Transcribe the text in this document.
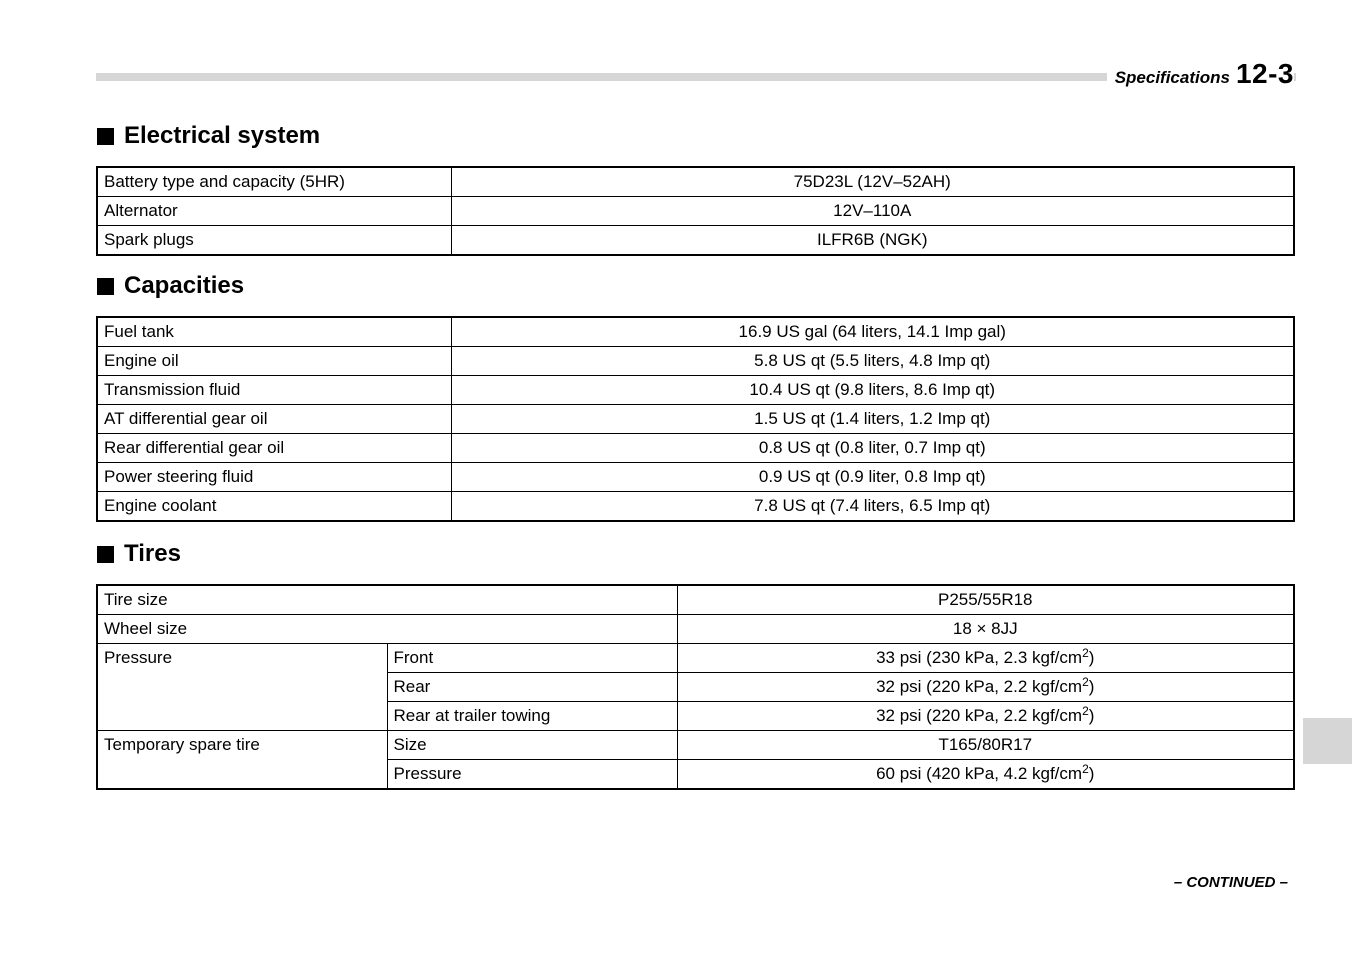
Specifications 12-3
Electrical system
Battery type and capacity (5HR)	75D23L (12V–52AH)
Alternator	12V–110A
Spark plugs	ILFR6B (NGK)
Capacities
Fuel tank	16.9 US gal (64 liters, 14.1 Imp gal)
Engine oil	5.8 US qt (5.5 liters, 4.8 Imp qt)
Transmission fluid	10.4 US qt (9.8 liters, 8.6 Imp qt)
AT differential gear oil	1.5 US qt (1.4 liters, 1.2 Imp qt)
Rear differential gear oil	0.8 US qt (0.8 liter, 0.7 Imp qt)
Power steering fluid	0.9 US qt (0.9 liter, 0.8 Imp qt)
Engine coolant	7.8 US qt (7.4 liters, 6.5 Imp qt)
Tires
Tire size		P255/55R18
Wheel size		18 × 8JJ
Pressure	Front	33 psi (230 kPa, 2.3 kgf/$cm^2$)
	Rear	32 psi (220 kPa, 2.2 kgf/$cm^2$)
	Rear at trailer towing	32 psi (220 kPa, 2.2 kgf/$cm^2$)
Temporary spare tire	Size	T165/80R17
	Pressure	60 psi (420 kPa, 4.2 kgf/$cm^2$)
– CONTINUED –
